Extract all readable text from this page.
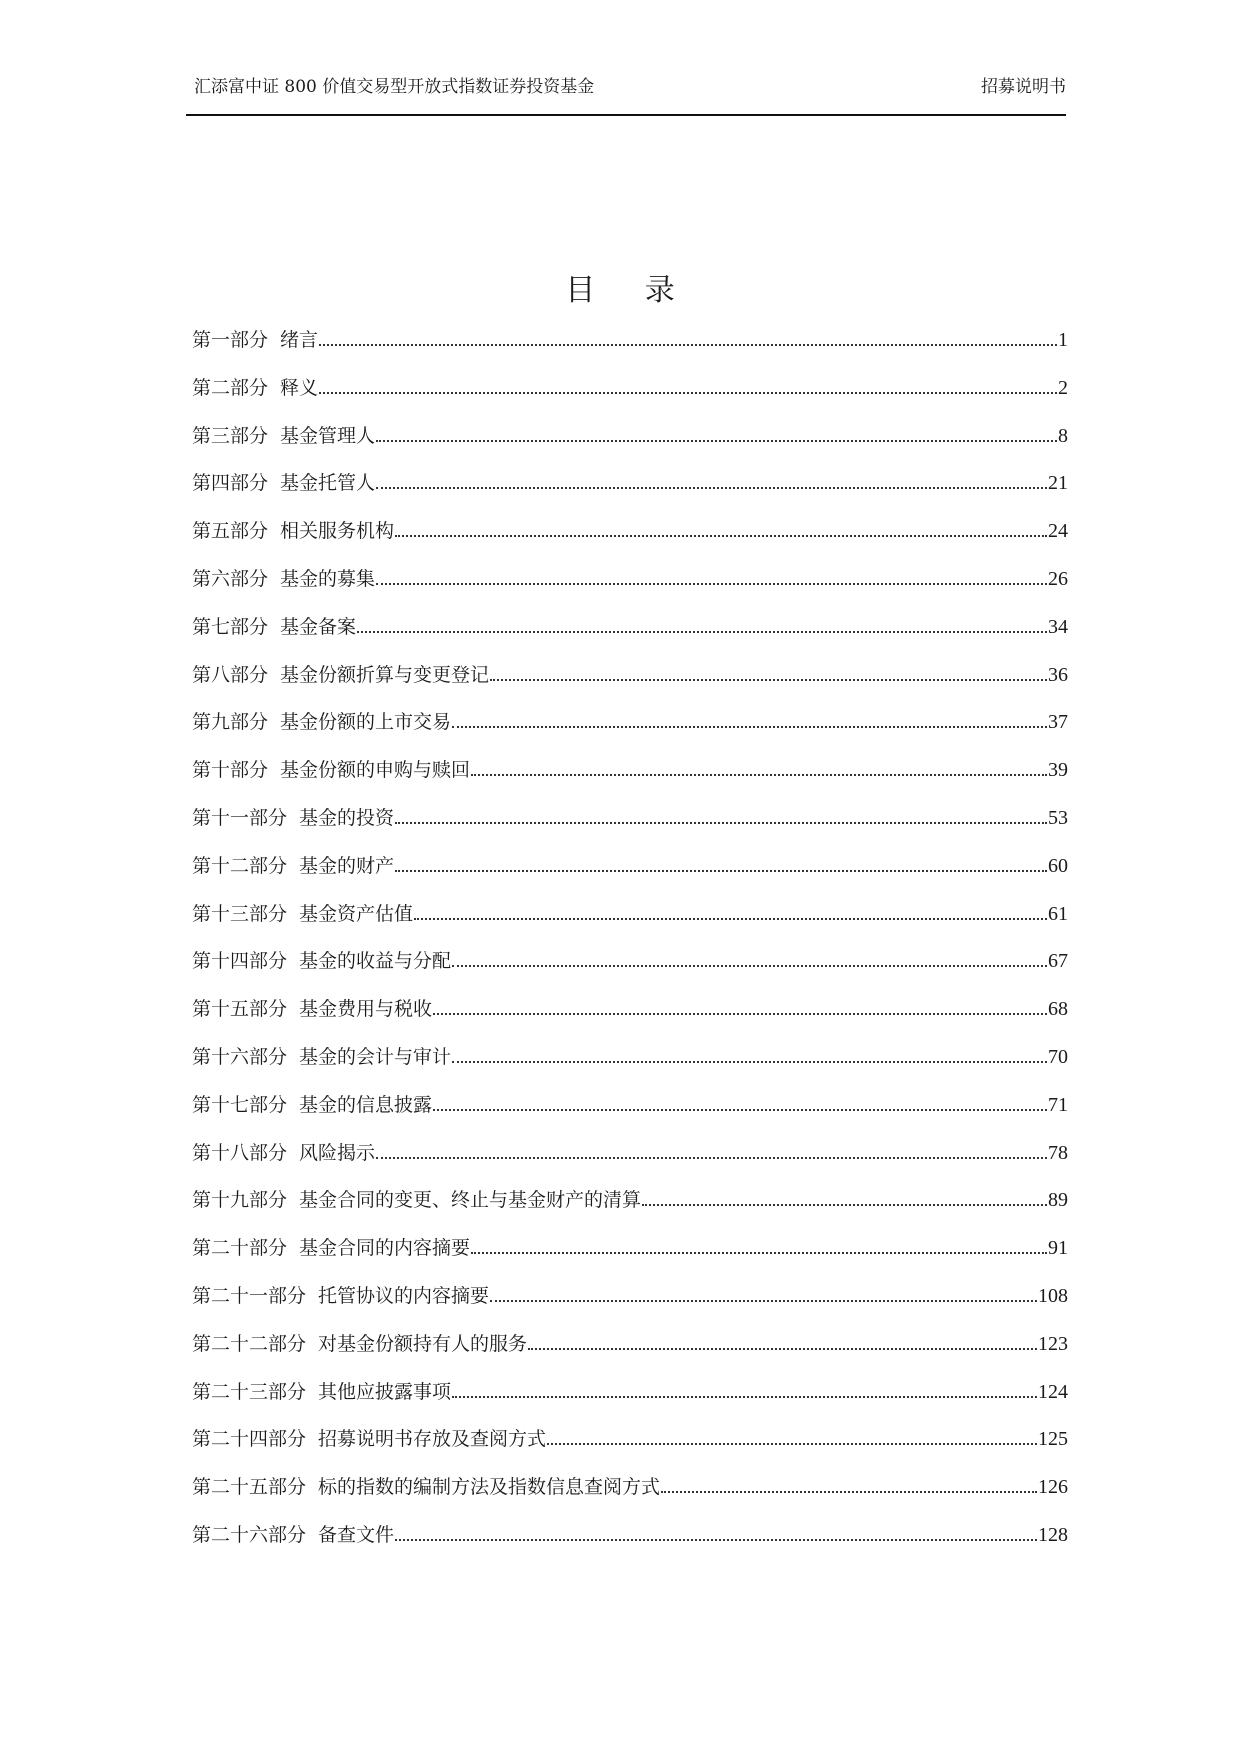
汇添富中证 800 价值交易型开放式指数证券投资基金	招募说明书
目 录
第一部分 绪言	1
第二部分 释义	2
第三部分 基金管理人	8
第四部分 基金托管人	21
第五部分 相关服务机构	24
第六部分 基金的募集	26
第七部分 基金备案	34
第八部分 基金份额折算与变更登记	36
第九部分 基金份额的上市交易	37
第十部分 基金份额的申购与赎回	39
第十一部分 基金的投资	53
第十二部分 基金的财产	60
第十三部分 基金资产估值	61
第十四部分 基金的收益与分配	67
第十五部分 基金费用与税收	68
第十六部分 基金的会计与审计	70
第十七部分 基金的信息披露	71
第十八部分 风险揭示	78
第十九部分 基金合同的变更、终止与基金财产的清算	89
第二十部分 基金合同的内容摘要	91
第二十一部分 托管协议的内容摘要	108
第二十二部分 对基金份额持有人的服务	123
第二十三部分 其他应披露事项	124
第二十四部分 招募说明书存放及查阅方式	125
第二十五部分 标的指数的编制方法及指数信息查阅方式	126
第二十六部分 备查文件	128
